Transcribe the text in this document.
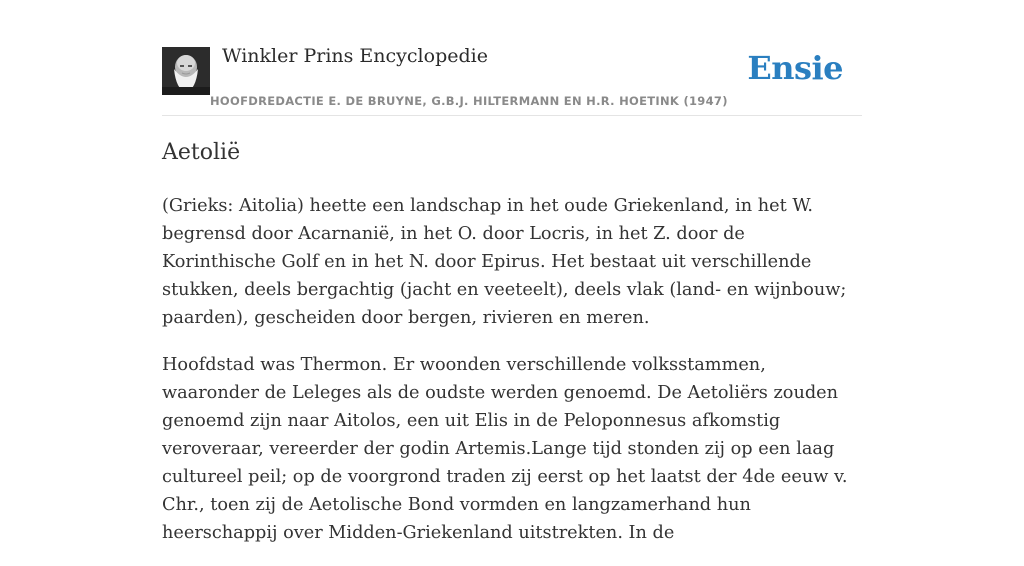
Winkler Prins Encyclopedie
HOOFDREDACTIE E. DE BRUYNE, G.B.J. HILTERMANN EN H.R. HOETINK (1947)
Ensie
Aetolië

(Grieks: Aitolia) heette een landschap in het oude Griekenland, in het W. begrensd door Acarnanië, in het O. door Locris, in het Z. door de Korinthische Golf en in het N. door Epirus. Het bestaat uit verschillende stukken, deels bergachtig (jacht en veeteelt), deels vlak (land- en wijnbouw; paarden), gescheiden door bergen, rivieren en meren.

Hoofdstad was Thermon. Er woonden verschillende volksstammen, waaronder de Leleges als de oudste werden genoemd. De Aetoliërs zouden genoemd zijn naar Aitolos, een uit Elis in de Peloponnesus afkomstig veroveraar, vereerder der godin Artemis.Lange tijd stonden zij op een laag cultureel peil; op de voorgrond traden zij eerst op het laatst der 4de eeuw v. Chr., toen zij de Aetolische Bond vormden en langzamerhand hun heerschappij over Midden-Griekenland uitstrekten. In de
